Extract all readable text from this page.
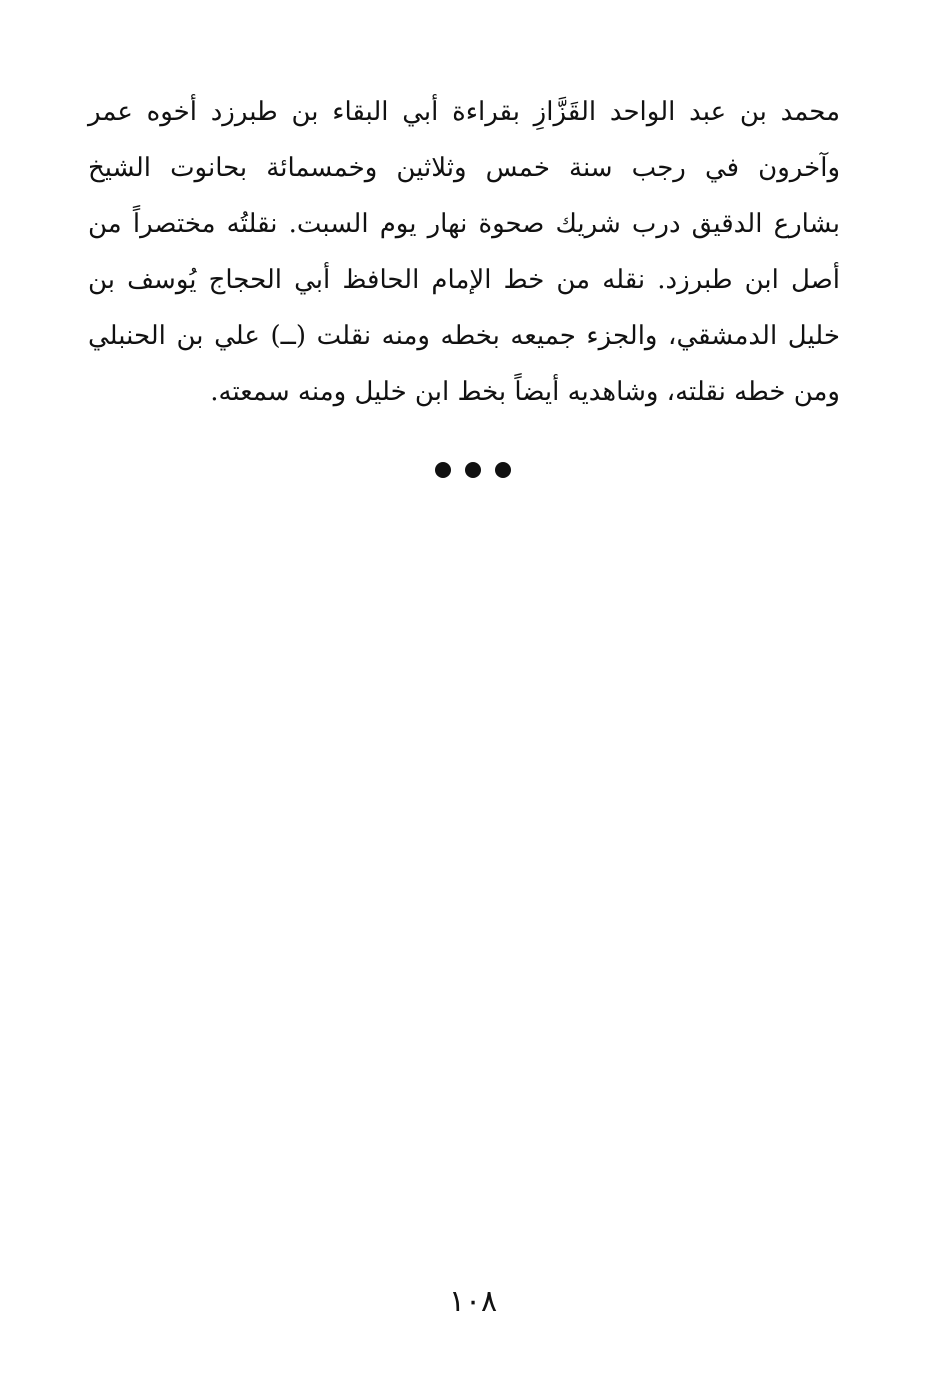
محمد بن عبد الواحد القَزَّازِ بقراءة أبي البقاء بن طبرزد أخوه عمر
وآخرون في رجب سنة خمس وثلاثين وخمسمائة بحانوت الشيخ
بشارع الدقيق درب شريك صحوة نهار يوم السبت. نقلتُه مختصراً من
أصل ابن طبرزد. نقله من خط الإمام الحافظ أبي الحجاج يُوسف بن
خليل الدمشقي، والجزء جميعه بخطه ومنه نقلت (ــ) علي بن الحنبلي
ومن خطه نقلته، وشاهديه أيضاً بخط ابن خليل ومنه سمعته.
١٠٨
